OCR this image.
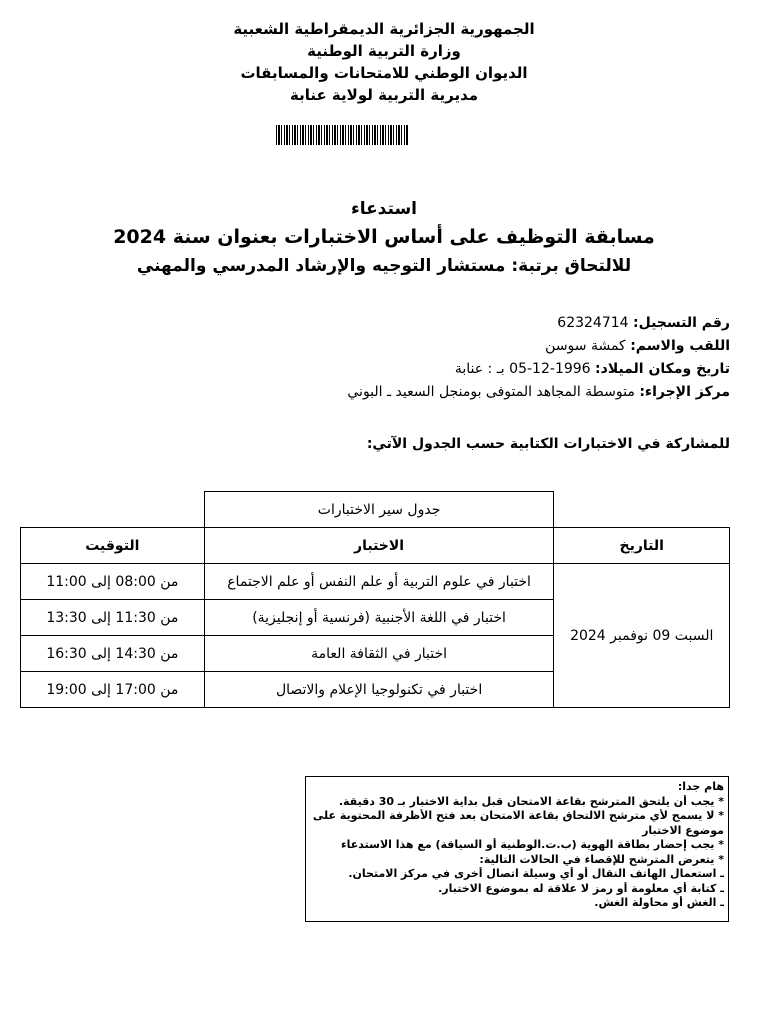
الجمهورية الجزائرية الديمقراطية الشعبية
وزارة التربية الوطنية
الديوان الوطني للامتحانات والمسابقات
مديرية التربية لولاية عنابة
استدعاء
مسابقة التوظيف على أساس الاختبارات بعنوان سنة 2024
للالتحاق برتبة: مستشار التوجيه والإرشاد المدرسي والمهني
رقم التسجيل: 62324714
اللقب والاسم: كمشة سوسن
تاريخ ومكان الميلاد: 1996-12-05 بـ : عنابة
مركز الإجراء: متوسطة المجاهد المتوفى بومنجل السعيد ـ البوني
للمشاركة في الاختبارات الكتابية حسب الجدول الآتي:
	جدول سير الاختبارات	
التاريخ	الاختبار	التوقيت
السبت 09 نوفمبر 2024	اختبار في علوم التربية أو علم النفس أو علم الاجتماع	من 08:00 إلى 11:00
	اختبار في اللغة الأجنبية (فرنسية أو إنجليزية)	من 11:30 إلى 13:30
	اختبار في الثقافة العامة	من 14:30 إلى 16:30
	اختبار في تكنولوجيا الإعلام والاتصال	من 17:00 إلى 19:00
هام جدا:
* يجب أن يلتحق المترشح بقاعة الامتحان قبل بداية الاختبار بـ 30 دقيقة.
* لا يسمح لأي مترشح الالتحاق بقاعة الامتحان بعد فتح الأظرفة المحتوية على
موضوع الاختبار
* يجب إحضار بطاقة الهوية (ب.ت.الوطنية أو السياقة) مع هذا الاستدعاء
* يتعرض المترشح للإقصاء في الحالات التالية:
ـ استعمال الهاتف النقال أو أي وسيلة اتصال أخرى في مركز الامتحان.
ـ كتابة أي معلومة أو رمز لا علاقة له بموضوع الاختبار.
ـ الغش أو محاولة الغش.
